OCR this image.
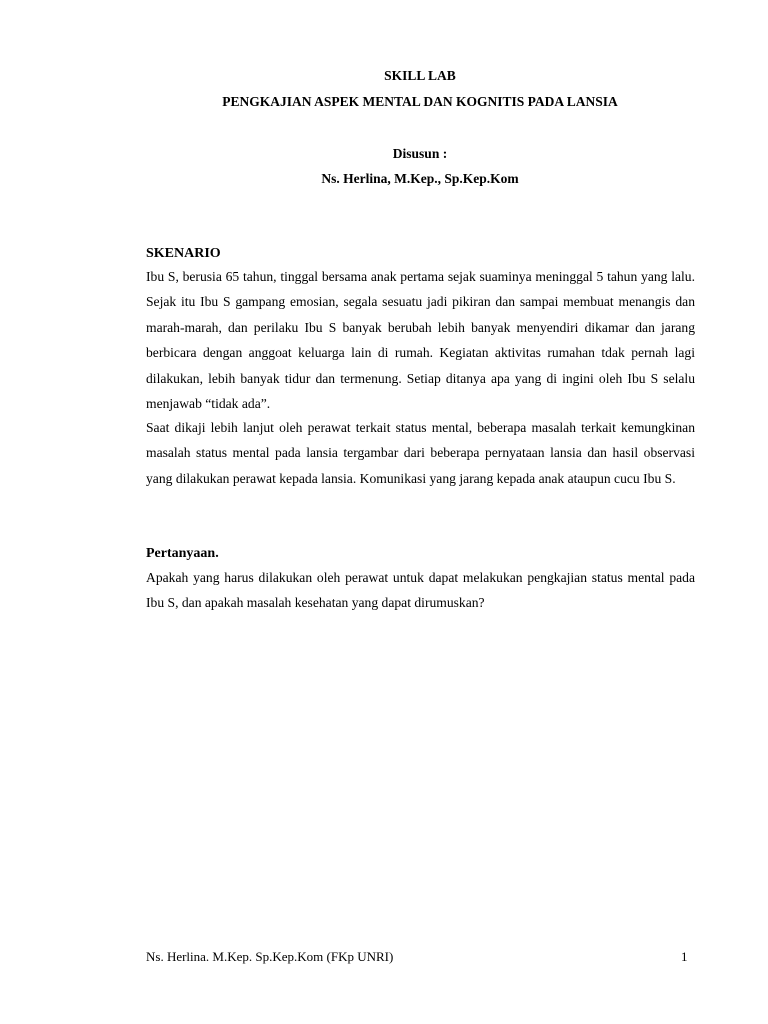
SKILL LAB
PENGKAJIAN ASPEK MENTAL DAN KOGNITIS PADA LANSIA
Disusun :
Ns. Herlina, M.Kep., Sp.Kep.Kom
SKENARIO

Ibu S, berusia 65 tahun, tinggal bersama anak pertama sejak suaminya meninggal 5 tahun yang lalu. Sejak itu Ibu S gampang emosian, segala sesuatu jadi pikiran dan sampai membuat menangis dan marah-marah, dan perilaku Ibu S banyak berubah lebih banyak menyendiri dikamar dan jarang berbicara dengan anggoat keluarga lain di rumah. Kegiatan aktivitas rumahan tdak pernah lagi dilakukan, lebih banyak tidur dan termenung. Setiap ditanya apa yang di ingini oleh Ibu S selalu menjawab “tidak ada”.

Saat dikaji lebih lanjut oleh perawat terkait status mental, beberapa masalah terkait kemungkinan masalah status mental pada lansia tergambar dari beberapa pernyataan lansia dan hasil observasi yang dilakukan perawat kepada lansia. Komunikasi yang jarang kepada anak ataupun cucu Ibu S.

Pertanyaan.

Apakah yang harus dilakukan oleh perawat untuk dapat melakukan pengkajian status mental pada Ibu S, dan apakah masalah kesehatan yang dapat dirumuskan?

Ns. Herlina. M.Kep. Sp.Kep.Kom (FKp UNRI)	1
